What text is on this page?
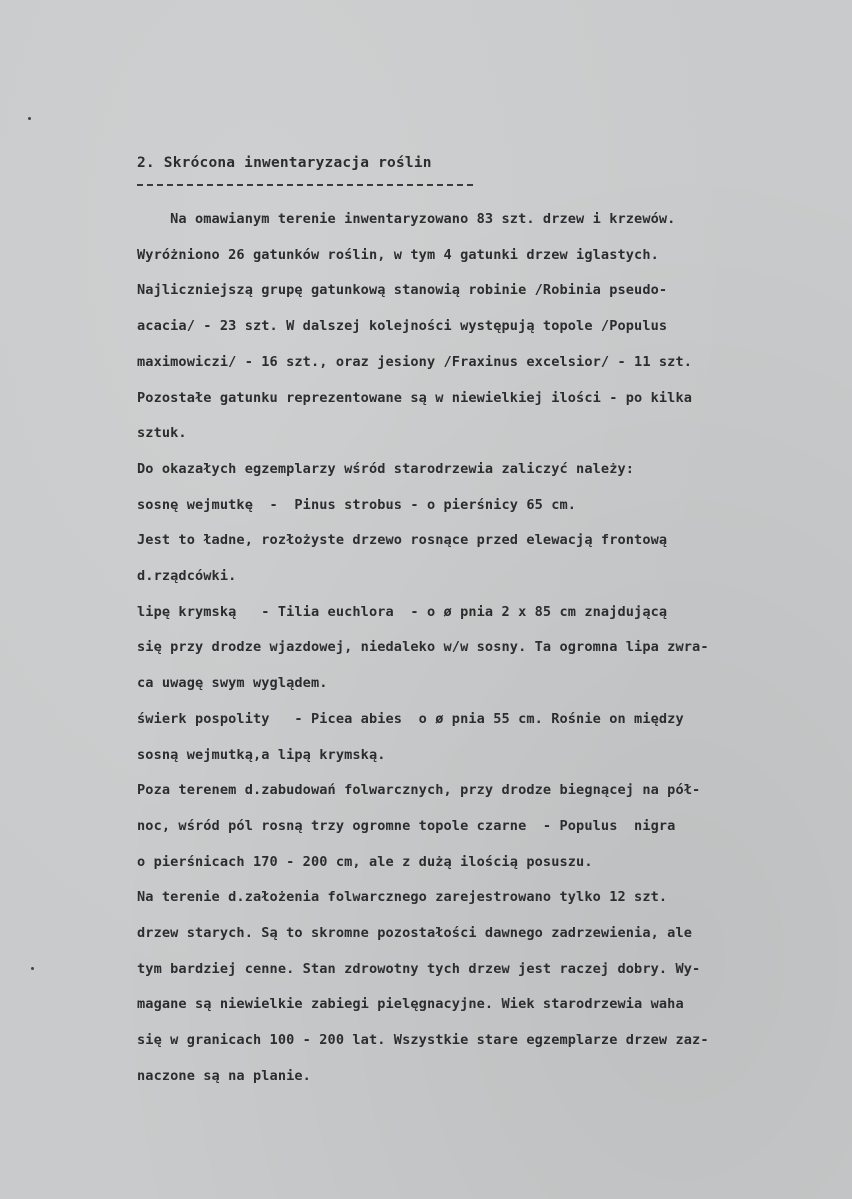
2. Skrócona inwentaryzacja roślin

Na omawianym terenie inwentaryzowano 83 szt. drzew i krzewów.

Wyróżniono 26 gatunków roślin, w tym 4 gatunki drzew iglastych.

Najliczniejszą grupę gatunkową stanowią robinie /Robinia pseudo-

acacia/ - 23 szt. W dalszej kolejności występują topole /Populus

maximowiczi/ - 16 szt., oraz jesiony /Fraxinus excelsior/ - 11 szt.

Pozostałe gatunku reprezentowane są w niewielkiej ilości - po kilka

sztuk.

Do okazałych egzemplarzy wśród starodrzewia zaliczyć należy:

sosnę wejmutkę  -  Pinus strobus - o pierśnicy 65 cm.

Jest to ładne, rozłożyste drzewo rosnące przed elewacją frontową

d.rządcówki.

lipę krymską   - Tilia euchlora  - o ø pnia 2 x 85 cm znajdującą

się przy drodze wjazdowej, niedaleko w/w sosny. Ta ogromna lipa zwra-

ca uwagę swym wyglądem.

świerk pospolity   - Picea abies  o ø pnia 55 cm. Rośnie on między

sosną wejmutką,a lipą krymską.

Poza terenem d.zabudowań folwarcznych, przy drodze biegnącej na pół-

noc, wśród pól rosną trzy ogromne topole czarne  - Populus  nigra

o pierśnicach 170 - 200 cm, ale z dużą ilością posuszu.

Na terenie d.założenia folwarcznego zarejestrowano tylko 12 szt.

drzew starych. Są to skromne pozostałości dawnego zadrzewienia, ale

tym bardziej cenne. Stan zdrowotny tych drzew jest raczej dobry. Wy-

magane są niewielkie zabiegi pielęgnacyjne. Wiek starodrzewia waha

się w granicach 100 - 200 lat. Wszystkie stare egzemplarze drzew zaz-

naczone są na planie.
